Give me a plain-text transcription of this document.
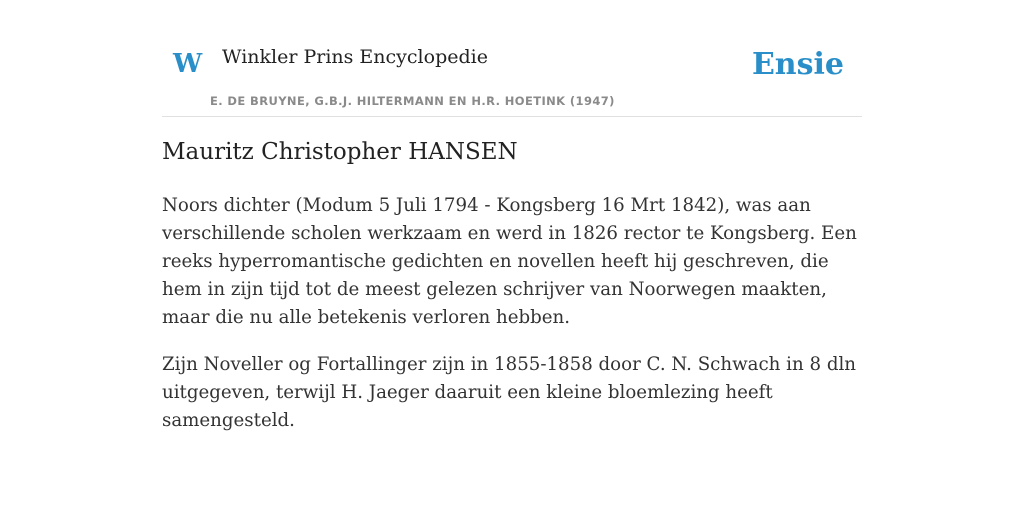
W Winkler Prins Encyclopedie
E. DE BRUYNE, G.B.J. HILTERMANN EN H.R. HOETINK (1947)
Ensie
Mauritz Christopher HANSEN

Noors dichter (Modum 5 Juli 1794 - Kongsberg 16 Mrt 1842), was aan verschillende scholen werkzaam en werd in 1826 rector te Kongsberg. Een reeks hyperromantische gedichten en novellen heeft hij geschreven, die hem in zijn tijd tot de meest gelezen schrijver van Noorwegen maakten, maar die nu alle betekenis verloren hebben.

Zijn Noveller og Fortallinger zijn in 1855-1858 door C. N. Schwach in 8 dln uitgegeven, terwijl H. Jaeger daaruit een kleine bloemlezing heeft samengesteld.
